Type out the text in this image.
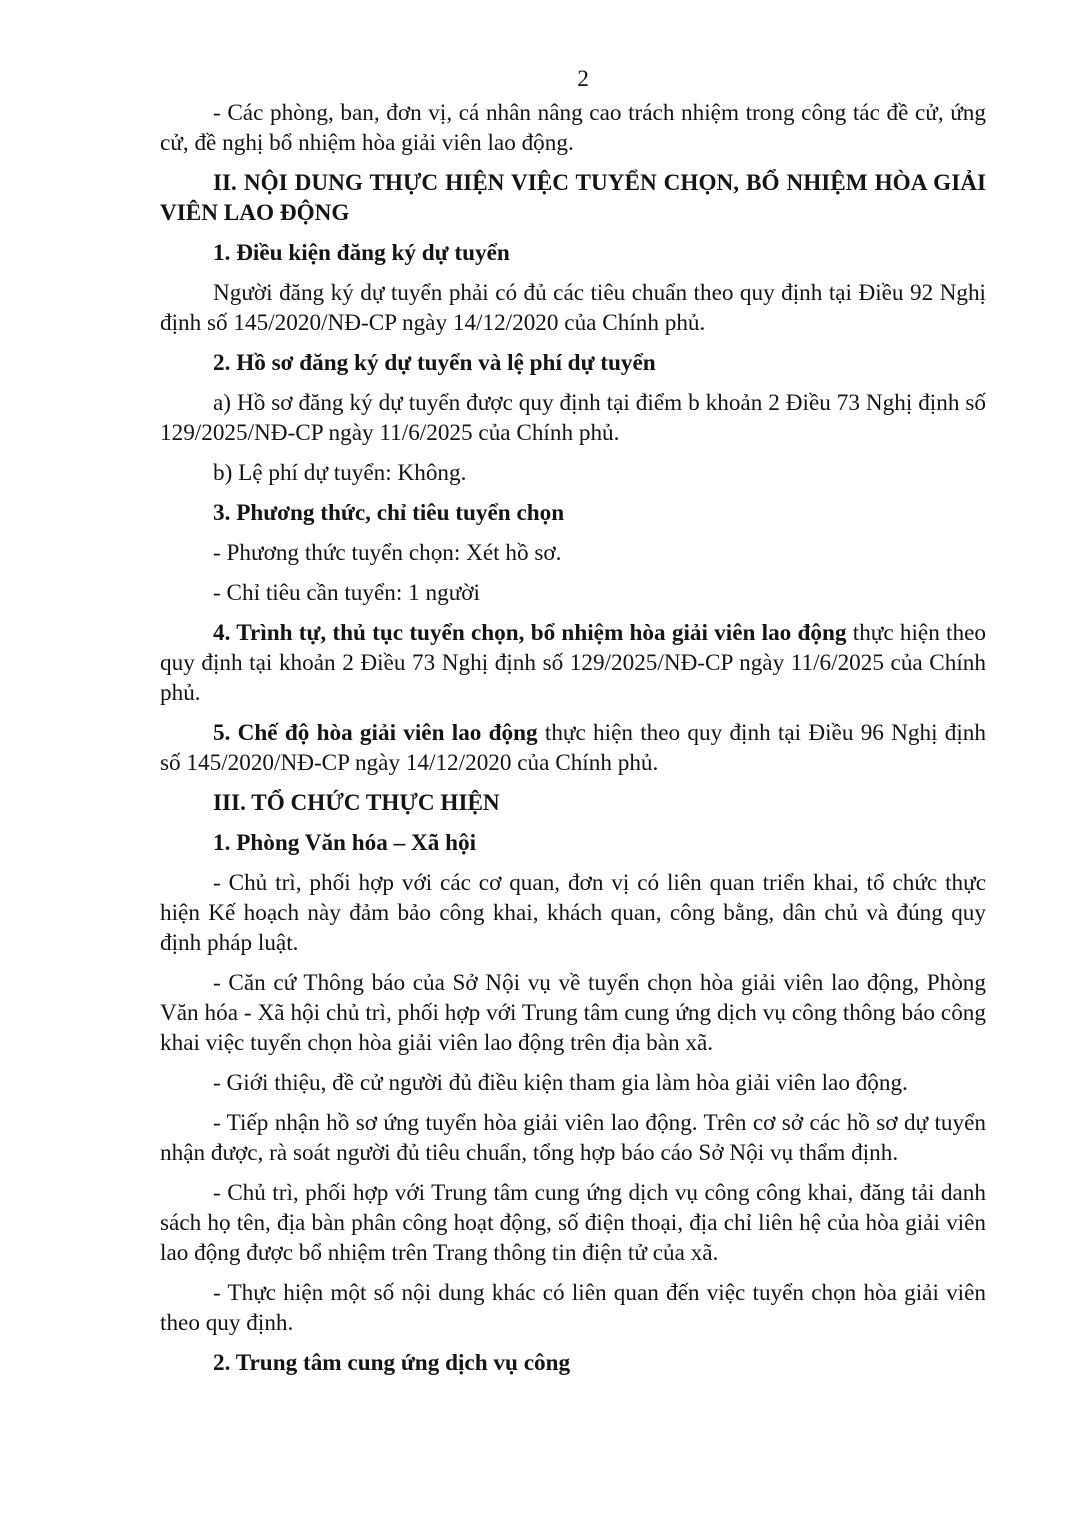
2

- Các phòng, ban, đơn vị, cá nhân nâng cao trách nhiệm trong công tác đề cử, ứng cử, đề nghị bổ nhiệm hòa giải viên lao động.

II. NỘI DUNG THỰC HIỆN VIỆC TUYỂN CHỌN, BỔ NHIỆM HÒA GIẢI VIÊN LAO ĐỘNG

1. Điều kiện đăng ký dự tuyển

Người đăng ký dự tuyển phải có đủ các tiêu chuẩn theo quy định tại Điều 92 Nghị định số 145/2020/NĐ-CP ngày 14/12/2020 của Chính phủ.

2. Hồ sơ đăng ký dự tuyển và lệ phí dự tuyển

a) Hồ sơ đăng ký dự tuyển được quy định tại điểm b khoản 2 Điều 73 Nghị định số 129/2025/NĐ-CP ngày 11/6/2025 của Chính phủ.

b) Lệ phí dự tuyển: Không.

3. Phương thức, chỉ tiêu tuyển chọn

- Phương thức tuyển chọn: Xét hồ sơ.

- Chỉ tiêu cần tuyển: 1 người

4. Trình tự, thủ tục tuyển chọn, bổ nhiệm hòa giải viên lao động thực hiện theo quy định tại khoản 2 Điều 73 Nghị định số 129/2025/NĐ-CP ngày 11/6/2025 của Chính phủ.

5. Chế độ hòa giải viên lao động thực hiện theo quy định tại Điều 96 Nghị định số 145/2020/NĐ-CP ngày 14/12/2020 của Chính phủ.

III. TỔ CHỨC THỰC HIỆN

1. Phòng Văn hóa – Xã hội

- Chủ trì, phối hợp với các cơ quan, đơn vị có liên quan triển khai, tổ chức thực hiện Kế hoạch này đảm bảo công khai, khách quan, công bằng, dân chủ và đúng quy định pháp luật.

- Căn cứ Thông báo của Sở Nội vụ về tuyển chọn hòa giải viên lao động, Phòng Văn hóa - Xã hội chủ trì, phối hợp với Trung tâm cung ứng dịch vụ công thông báo công khai việc tuyển chọn hòa giải viên lao động trên địa bàn xã.

- Giới thiệu, đề cử người đủ điều kiện tham gia làm hòa giải viên lao động.

- Tiếp nhận hồ sơ ứng tuyển hòa giải viên lao động. Trên cơ sở các hồ sơ dự tuyển nhận được, rà soát người đủ tiêu chuẩn, tổng hợp báo cáo Sở Nội vụ thẩm định.

- Chủ trì, phối hợp với Trung tâm cung ứng dịch vụ công công khai, đăng tải danh sách họ tên, địa bàn phân công hoạt động, số điện thoại, địa chỉ liên hệ của hòa giải viên lao động được bổ nhiệm trên Trang thông tin điện tử của xã.

- Thực hiện một số nội dung khác có liên quan đến việc tuyển chọn hòa giải viên theo quy định.

2. Trung tâm cung ứng dịch vụ công
